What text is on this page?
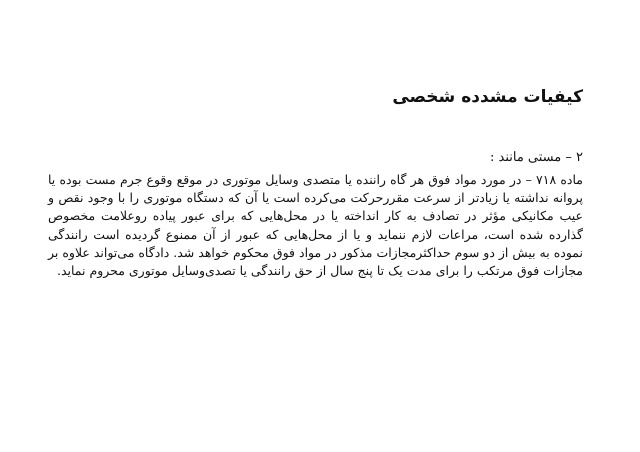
کیفیات مشدده شخصی

۲ – مستی مانند :

ماده ۷۱۸ – در مورد مواد فوق هر گاه راننده یا متصدی وسایل موتوری در موقع وقوع جرم مست بوده یا پروانه نداشته یا زیادتر از سرعت مقررحرکت می‌کرده است یا آن که دستگاه موتوری را با وجود نقص و عیب مکانیکی مؤثر در تصادف به کار انداخته یا در محل‌هایی که برای عبور پیاده روعلامت مخصوص گذارده شده است، مراعات لازم ننماید و یا از محل‌هایی که عبور از آن ممنوع گردیده است رانندگی نموده به بیش از دو سوم حداکثرمجازات مذکور در مواد فوق محکوم خواهد شد. دادگاه می‌تواند علاوه بر مجازات فوق مرتکب را برای مدت یک تا پنج سال از حق رانندگی یا تصدی‌وسایل موتوری محروم نماید.
